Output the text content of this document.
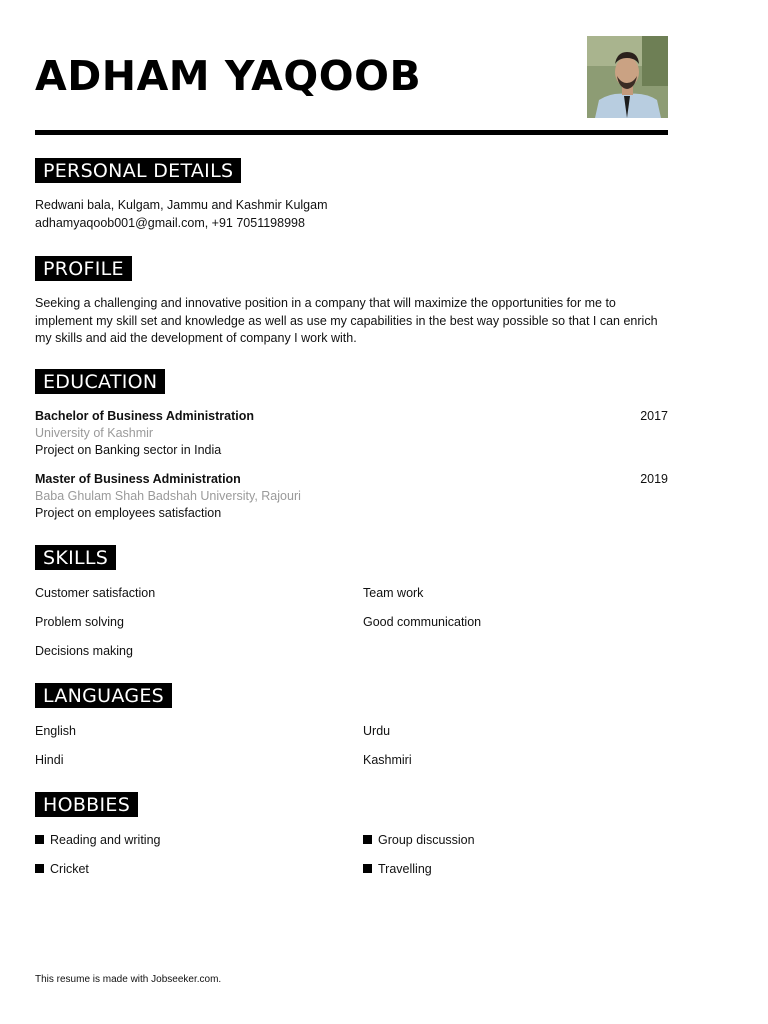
ADHAM YAQOOB
PERSONAL DETAILS

Redwani bala, Kulgam, Jammu and Kashmir Kulgam

adhamyaqoob001@gmail.com, +91 7051198998

PROFILE

Seeking a challenging and innovative position in a company that will maximize the opportunities for me to implement my skill set and knowledge as well as use my capabilities in the best way possible so that I can enrich my skills and aid the development of company I work with.

EDUCATION
Bachelor of Business Administration	2017
University of Kashmir
Project on Banking sector in India
Master of Business Administration	2019
Baba Ghulam Shah Badshah University, Rajouri
Project on employees satisfaction
SKILLS
Customer satisfaction	Team work
Problem solving	Good communication
Decisions making
LANGUAGES
English	Urdu
Hindi	Kashmiri
HOBBIES
Reading and writing	Group discussion
Cricket	Travelling
This resume is made with Jobseeker.com.
